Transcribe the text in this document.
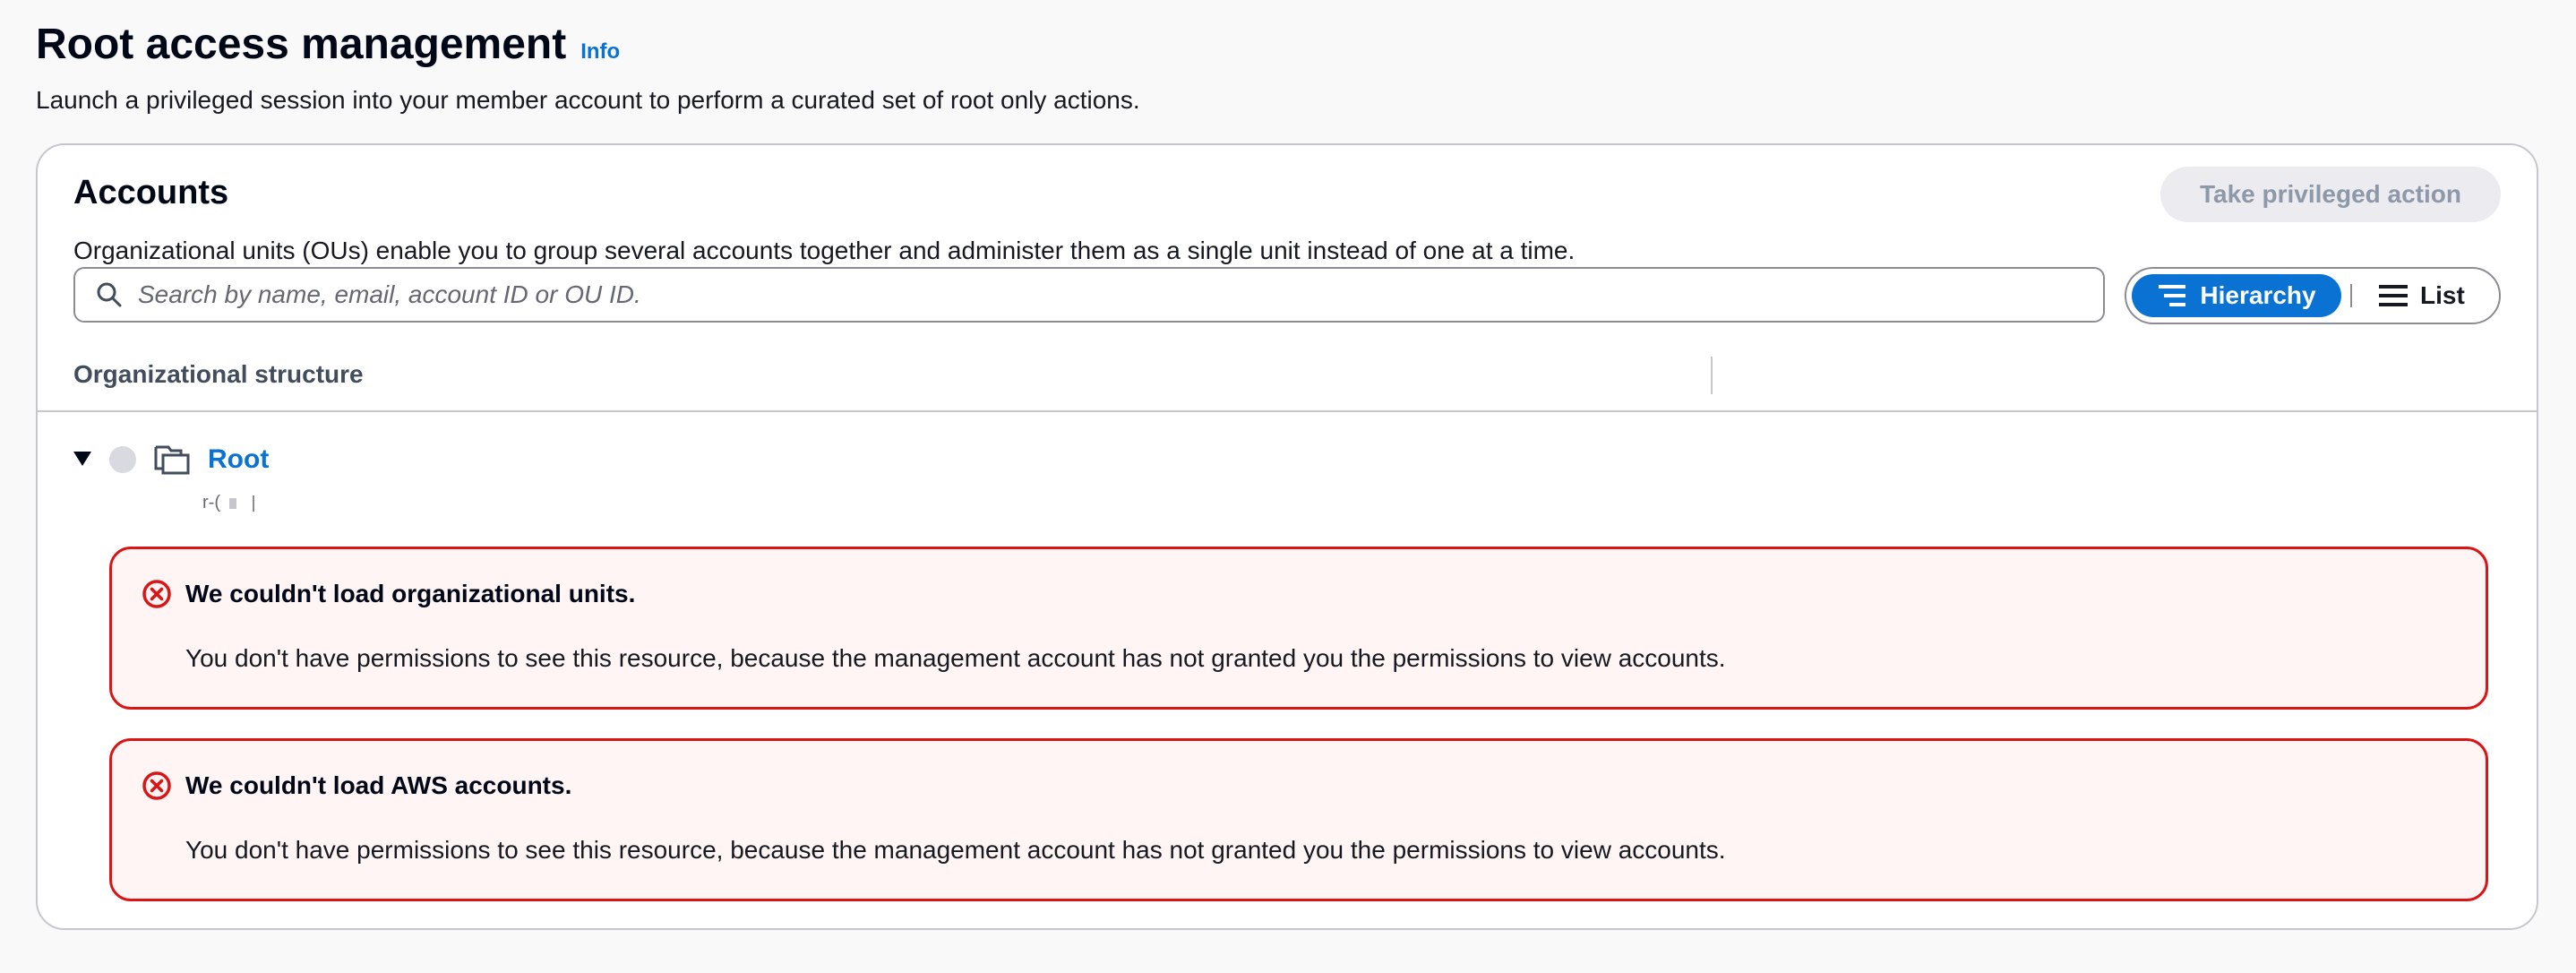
Root access management Info
Launch a privileged session into your member account to perform a curated set of root only actions.
Accounts	Take privileged action
Organizational units (OUs) enable you to group several accounts together and administer them as a single unit instead of one at a time.
Search by name, email, account ID or OU ID.
Hierarchy	List
Organizational structure
Root
r-(
We couldn't load organizational units.
You don't have permissions to see this resource, because the management account has not granted you the permissions to view accounts.
We couldn't load AWS accounts.
You don't have permissions to see this resource, because the management account has not granted you the permissions to view accounts.
